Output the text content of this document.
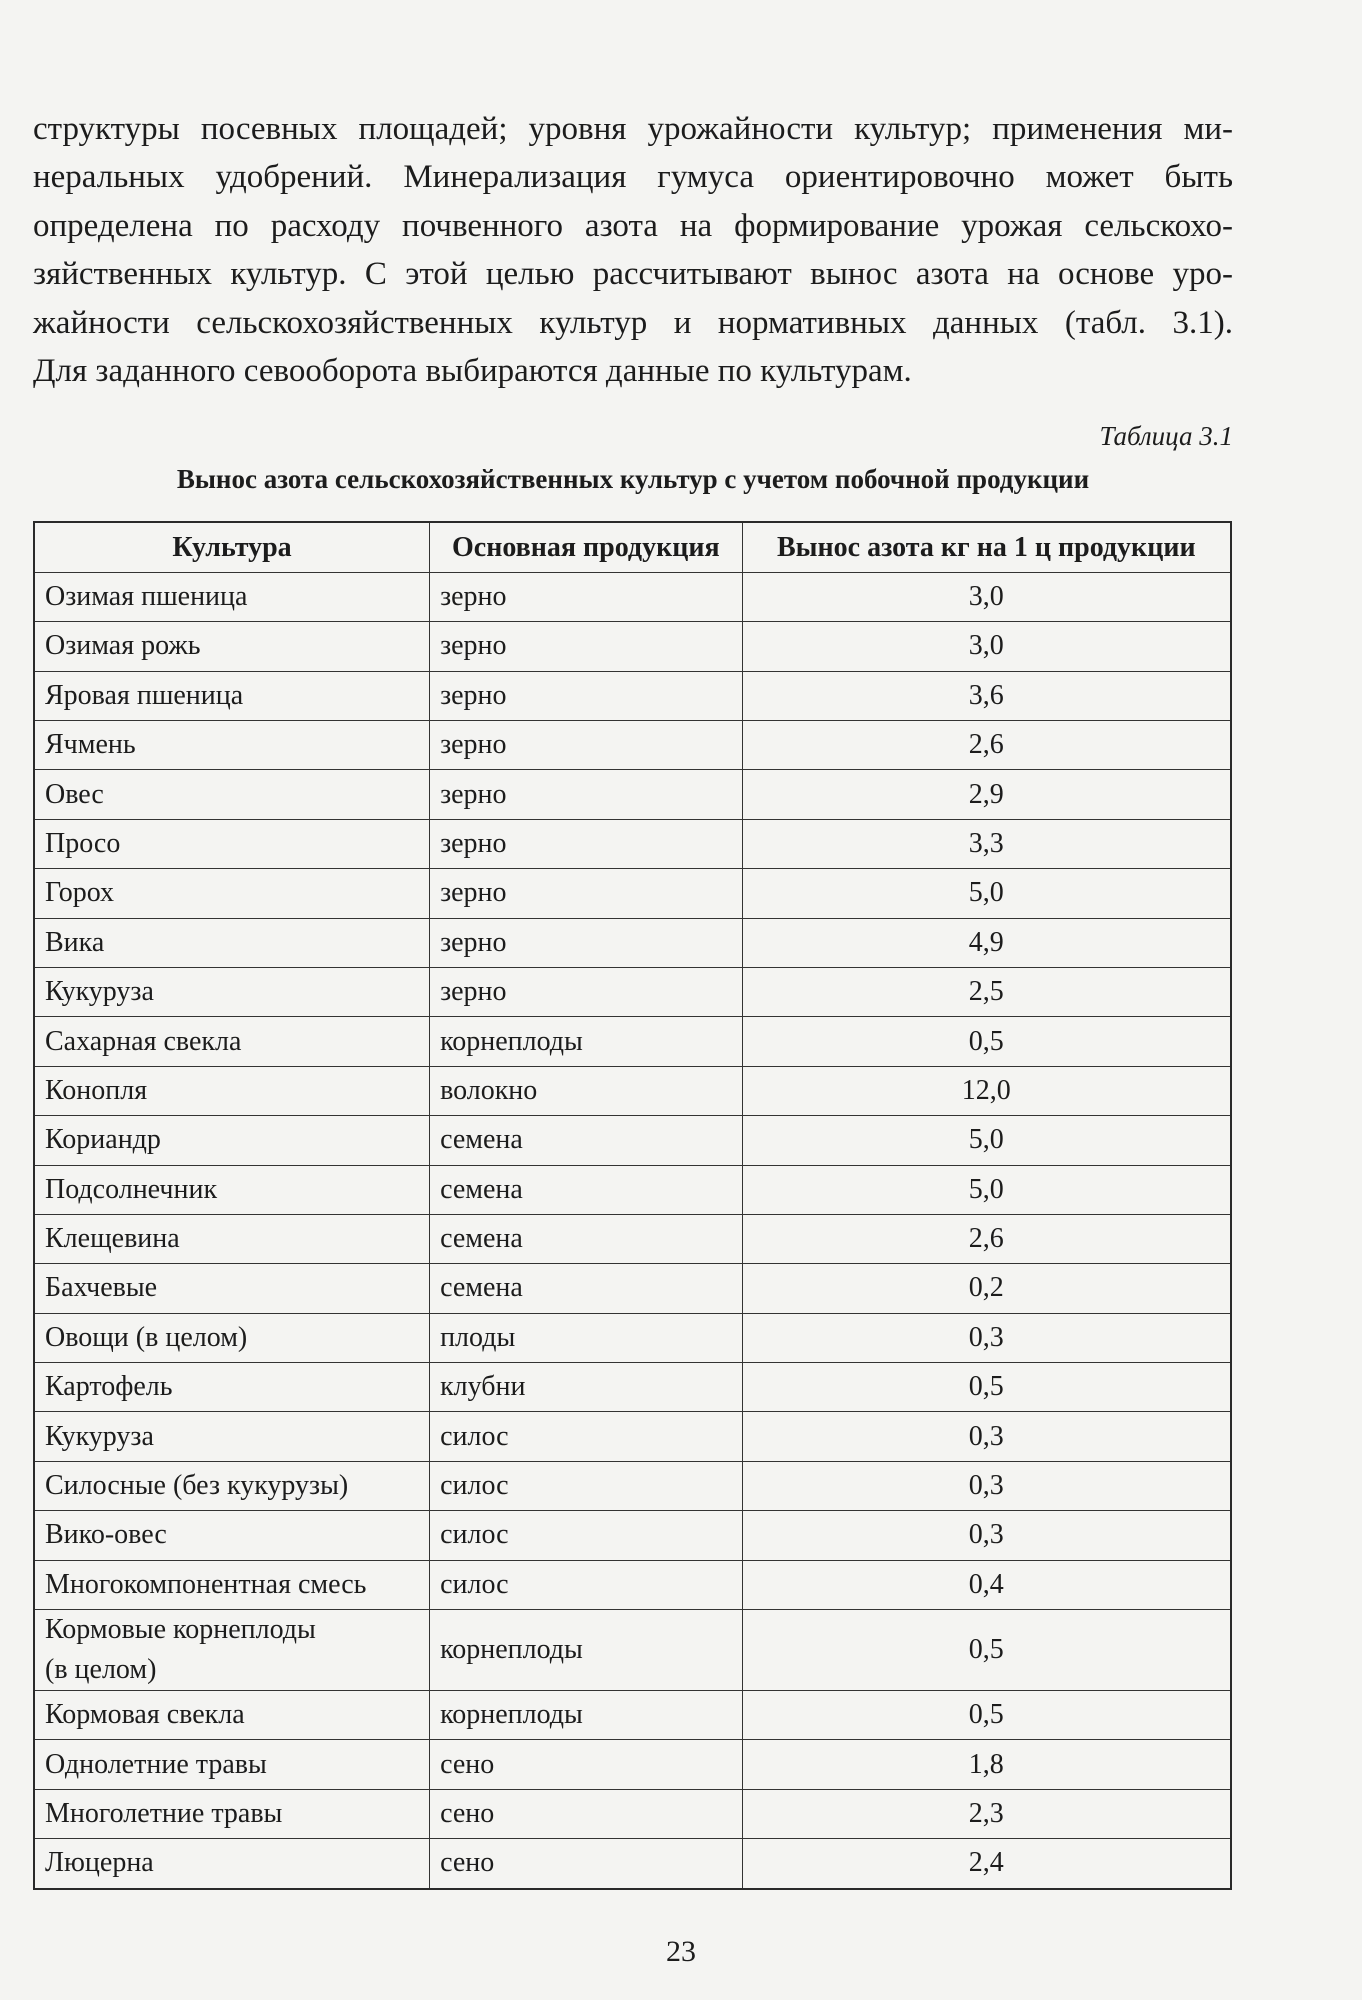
структуры посевных площадей; уровня урожайности культур; применения ми-
неральных удобрений. Минерализация гумуса ориентировочно может быть
определена по расходу почвенного азота на формирование урожая сельскохо-
зяйственных культур. С этой целью рассчитывают вынос азота на основе уро-
жайности сельскохозяйственных культур и нормативных данных (табл. 3.1).
Для заданного севооборота выбираются данные по культурам.

Таблица 3.1
Вынос азота сельскохозяйственных культур с учетом побочной продукции
Культура	Основная продукция	Вынос азота кг на 1 ц продукции
Озимая пшеница	зерно	3,0
Озимая рожь	зерно	3,0
Яровая пшеница	зерно	3,6
Ячмень	зерно	2,6
Овес	зерно	2,9
Просо	зерно	3,3
Горох	зерно	5,0
Вика	зерно	4,9
Кукуруза	зерно	2,5
Сахарная свекла	корнеплоды	0,5
Конопля	волокно	12,0
Кориандр	семена	5,0
Подсолнечник	семена	5,0
Клещевина	семена	2,6
Бахчевые	семена	0,2
Овощи (в целом)	плоды	0,3
Картофель	клубни	0,5
Кукуруза	силос	0,3
Силосные (без кукурузы)	силос	0,3
Вико-овес	силос	0,3
Многокомпонентная смесь	силос	0,4
Кормовые корнеплоды
(в целом)	корнеплоды	0,5
Кормовая свекла	корнеплоды	0,5
Однолетние травы	сено	1,8
Многолетние травы	сено	2,3
Люцерна	сено	2,4
23
